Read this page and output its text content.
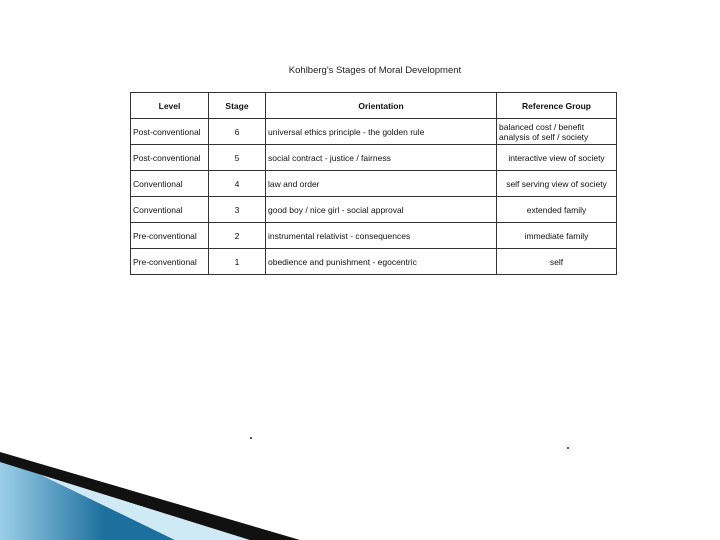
Kohlberg's Stages of Moral Development
Level	Stage	Orientation	Reference Group
Post-conventional	6	universal ethics principle - the golden rule	balanced cost / benefit analysis of self / society
Post-conventional	5	social contract - justice / fairness	interactive view of society
Conventional	4	law and order	self serving view of society
Conventional	3	good boy / nice girl - social approval	extended family
Pre-conventional	2	instrumental relativist - consequences	immediate family
Pre-conventional	1	obedience and punishment - egocentric	self
